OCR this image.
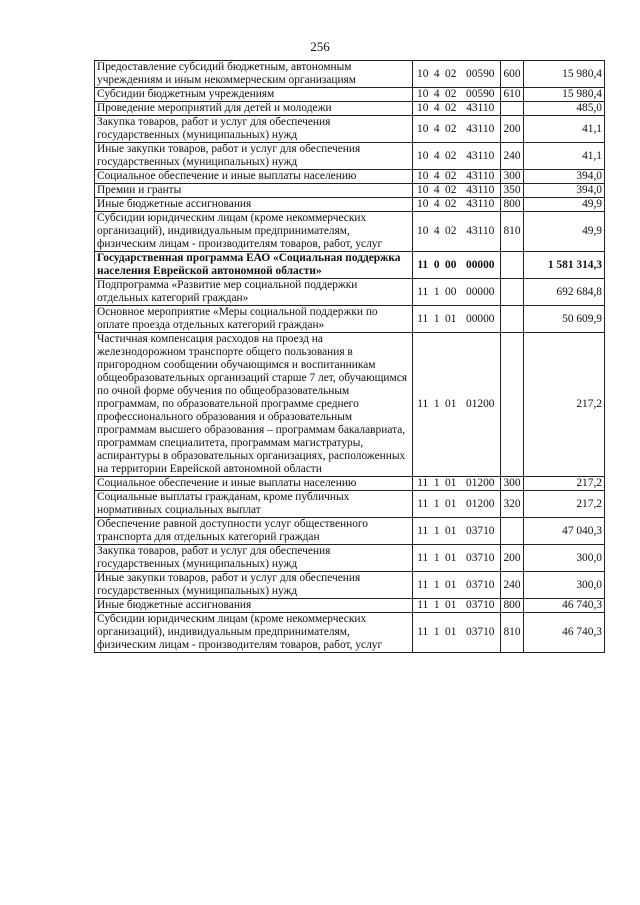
256
Предоставление субсидий бюджетным, автономным учреждениям и иным некоммерческим организациям	10 4 02	00590	600	15 980,4
Субсидии бюджетным учреждениям	10 4 02	00590	610	15 980,4
Проведение мероприятий для детей и молодежи	10 4 02	43110		485,0
Закупка товаров, работ и услуг для обеспечения государственных (муниципальных) нужд	10 4 02	43110	200	41,1
Иные закупки товаров, работ и услуг для обеспечения государственных (муниципальных) нужд	10 4 02	43110	240	41,1
Социальное обеспечение и иные выплаты населению	10 4 02	43110	300	394,0
Премии и гранты	10 4 02	43110	350	394,0
Иные бюджетные ассигнования	10 4 02	43110	800	49,9
Субсидии юридическим лицам (кроме некоммерческих организаций), индивидуальным предпринимателям, физическим лицам - производителям товаров, работ, услуг	10 4 02	43110	810	49,9
Государственная программа ЕАО «Социальная поддержка населения Еврейской автономной области»	11 0 00	00000		1 581 314,3
Подпрограмма «Развитие мер социальной поддержки отдельных категорий граждан»	11 1 00	00000		692 684,8
Основное мероприятие «Меры социальной поддержки по оплате проезда отдельных категорий граждан»	11 1 01	00000		50 609,9
Частичная компенсация расходов на проезд на железнодорожном транспорте общего пользования в пригородном сообщении обучающимся и воспитанникам общеобразовательных организаций старше 7 лет, обучающимся по очной форме обучения по общеобразовательным программам, по образовательной программе среднего профессионального образования и образовательным программам высшего образования – программам бакалавриата, программам специалитета, программам магистратуры, аспирантуры в образовательных организациях, расположенных на территории Еврейской автономной области	11 1 01	01200		217,2
Социальное обеспечение и иные выплаты населению	11 1 01	01200	300	217,2
Социальные выплаты гражданам, кроме публичных нормативных социальных выплат	11 1 01	01200	320	217,2
Обеспечение равной доступности услуг общественного транспорта для отдельных категорий граждан	11 1 01	03710		47 040,3
Закупка товаров, работ и услуг для обеспечения государственных (муниципальных) нужд	11 1 01	03710	200	300,0
Иные закупки товаров, работ и услуг для обеспечения государственных (муниципальных) нужд	11 1 01	03710	240	300,0
Иные бюджетные ассигнования	11 1 01	03710	800	46 740,3
Субсидии юридическим лицам (кроме некоммерческих организаций), индивидуальным предпринимателям, физическим лицам - производителям товаров, работ, услуг	11 1 01	03710	810	46 740,3
